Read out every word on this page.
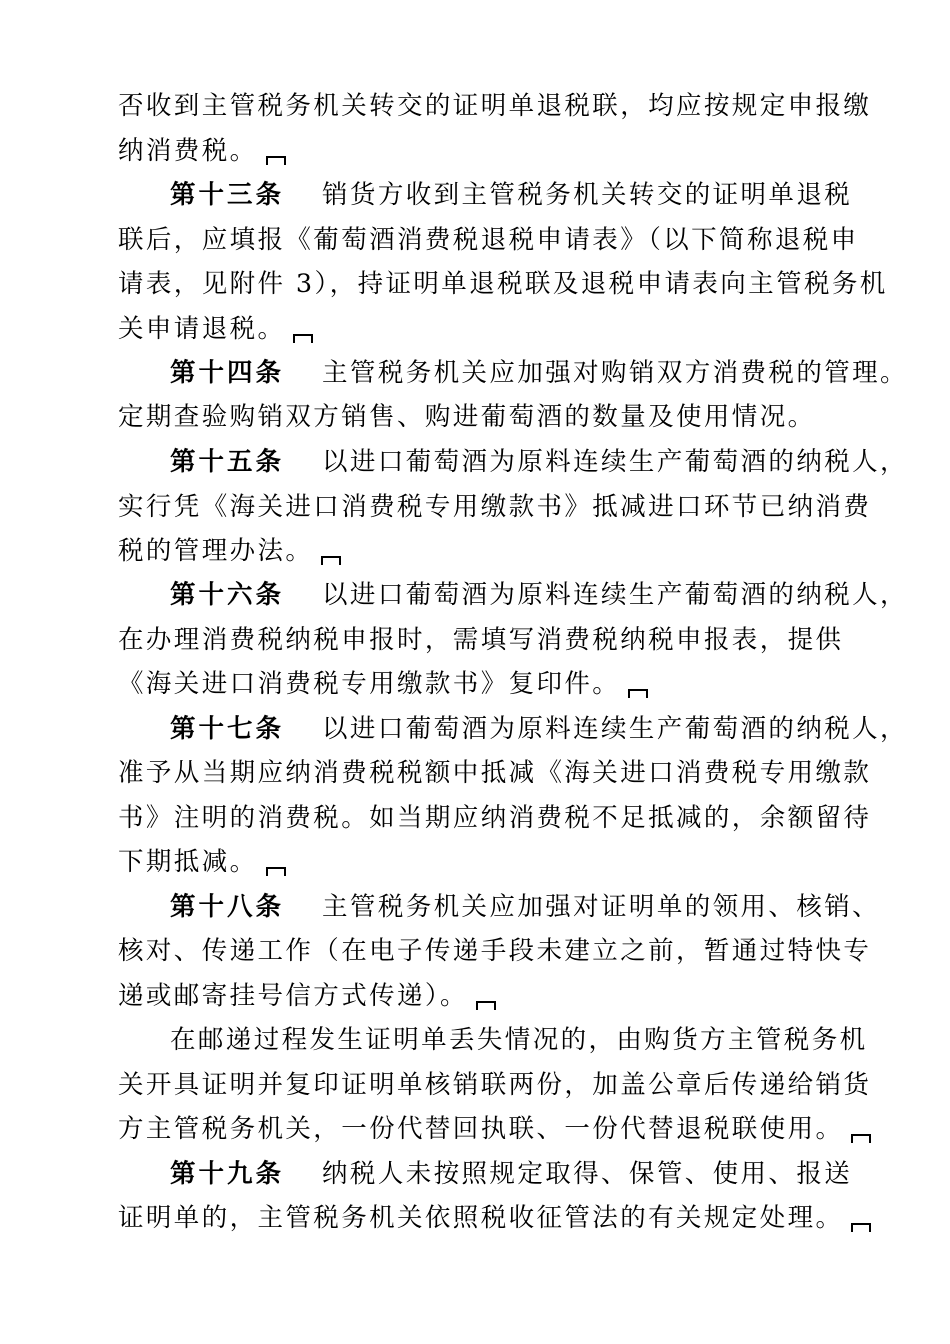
否收到主管税务机关转交的证明单退税联，均应按规定申报缴
纳消费税。
第十三条 销货方收到主管税务机关转交的证明单退税
联后，应填报《葡萄酒消费税退税申请表》（以下简称退税申
请表，见附件 3），持证明单退税联及退税申请表向主管税务机
关申请退税。
第十四条 主管税务机关应加强对购销双方消费税的管理。
定期查验购销双方销售、购进葡萄酒的数量及使用情况。
第十五条 以进口葡萄酒为原料连续生产葡萄酒的纳税人，
实行凭《海关进口消费税专用缴款书》抵减进口环节已纳消费
税的管理办法。
第十六条 以进口葡萄酒为原料连续生产葡萄酒的纳税人，
在办理消费税纳税申报时，需填写消费税纳税申报表，提供
《海关进口消费税专用缴款书》复印件。
第十七条 以进口葡萄酒为原料连续生产葡萄酒的纳税人，
准予从当期应纳消费税税额中抵减《海关进口消费税专用缴款
书》注明的消费税。如当期应纳消费税不足抵减的，余额留待
下期抵减。
第十八条 主管税务机关应加强对证明单的领用、核销、
核对、传递工作（在电子传递手段未建立之前，暂通过特快专
递或邮寄挂号信方式传递）。
在邮递过程发生证明单丢失情况的，由购货方主管税务机
关开具证明并复印证明单核销联两份，加盖公章后传递给销货
方主管税务机关，一份代替回执联、一份代替退税联使用。
第十九条 纳税人未按照规定取得、保管、使用、报送
证明单的，主管税务机关依照税收征管法的有关规定处理。
